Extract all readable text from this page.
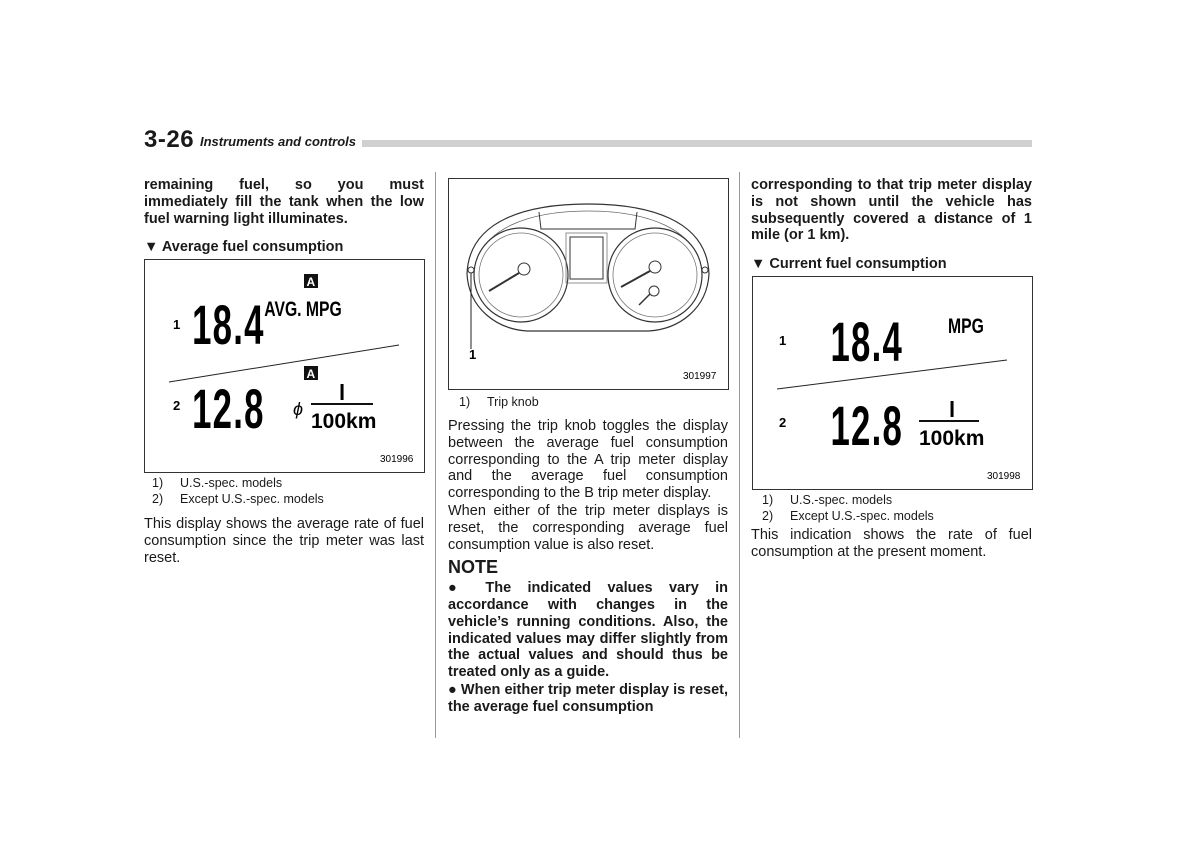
3-26 Instruments and controls

remaining fuel, so you must immediately fill the tank when the low fuel warning light illuminates.

▼ Average fuel consumption

1 18.4
A
AVG. MPG
A
2 12.8 ϕ
l
100km
301996
1)	U.S.-spec. models
2)	Except U.S.-spec. models

This display shows the average rate of fuel consumption since the trip meter was last reset.

1
301997
1)	Trip knob

Pressing the trip knob toggles the display between the average fuel consumption corresponding to the A trip meter display and the average fuel consumption corresponding to the B trip meter display.

When either of the trip meter displays is reset, the corresponding average fuel consumption value is also reset.

NOTE

● The indicated values vary in accordance with changes in the vehicle’s running conditions. Also, the indicated values may differ slightly from the actual values and should thus be treated only as a guide.

● When either trip meter display is reset, the average fuel consumption

corresponding to that trip meter display is not shown until the vehicle has subsequently covered a distance of 1 mile (or 1 km).

▼ Current fuel consumption

1 18.4 MPG
2 12.8 l
100km
301998
1)	U.S.-spec. models
2)	Except U.S.-spec. models

This indication shows the rate of fuel consumption at the present moment.
